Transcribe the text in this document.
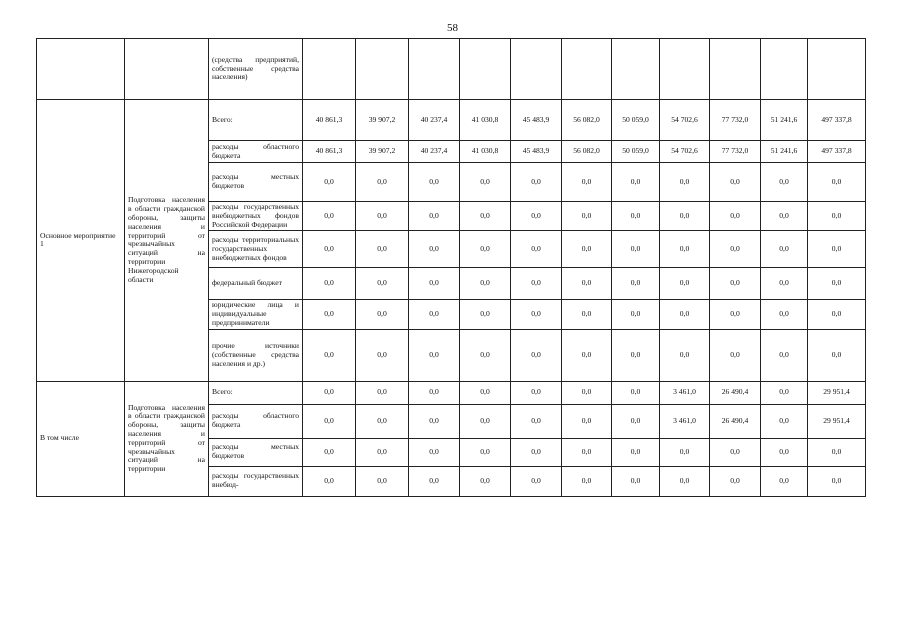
58
		(средства предприятий, собственные средства населения)											
Основное мероприятие 1	Подготовка населения в области гражданской обороны, защиты населения и территорий от чрезвычайных ситуаций на территории Нижегородской области	Всего:	40 861,3	39 907,2	40 237,4	41 030,8	45 483,9	56 082,0	50 059,0	54 702,6	77 732,0	51 241,6	497 337,8
		расходы областного бюджета	40 861,3	39 907,2	40 237,4	41 030,8	45 483,9	56 082,0	50 059,0	54 702,6	77 732,0	51 241,6	497 337,8
		расходы местных бюджетов	0,0	0,0	0,0	0,0	0,0	0,0	0,0	0,0	0,0	0,0	0,0
		расходы государственных внебюджетных фондов Российской Федерации	0,0	0,0	0,0	0,0	0,0	0,0	0,0	0,0	0,0	0,0	0,0
		расходы территориальных государственных внебюджетных фондов	0,0	0,0	0,0	0,0	0,0	0,0	0,0	0,0	0,0	0,0	0,0
		федеральный бюджет	0,0	0,0	0,0	0,0	0,0	0,0	0,0	0,0	0,0	0,0	0,0
		юридические лица и индивидуальные предприниматели	0,0	0,0	0,0	0,0	0,0	0,0	0,0	0,0	0,0	0,0	0,0
		прочие источники (собственные средства населения и др.)	0,0	0,0	0,0	0,0	0,0	0,0	0,0	0,0	0,0	0,0	0,0
В том числе	Подготовка населения в области гражданской обороны, защиты населения и территорий от чрезвычайных ситуаций на территории	Всего:	0,0	0,0	0,0	0,0	0,0	0,0	0,0	3 461,0	26 490,4	0,0	29 951,4
		расходы областного бюджета	0,0	0,0	0,0	0,0	0,0	0,0	0,0	3 461,0	26 490,4	0,0	29 951,4
		расходы местных бюджетов	0,0	0,0	0,0	0,0	0,0	0,0	0,0	0,0	0,0	0,0	0,0
		расходы государственных внебюд-	0,0	0,0	0,0	0,0	0,0	0,0	0,0	0,0	0,0	0,0	0,0
